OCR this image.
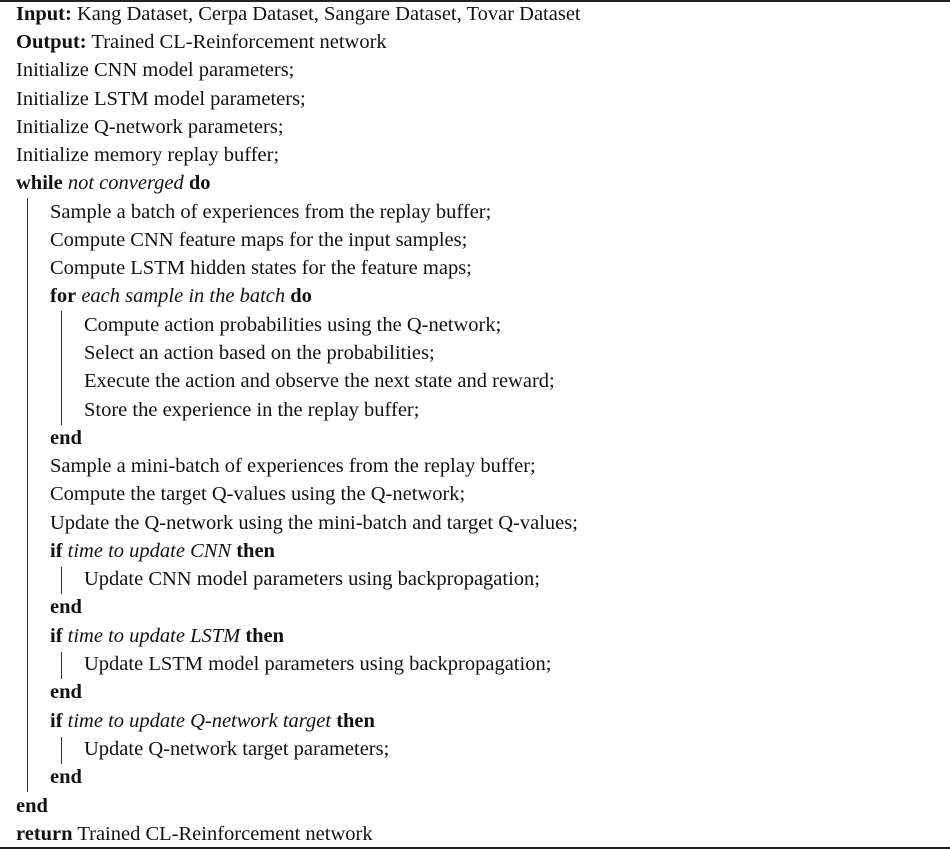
Input: Kang Dataset, Cerpa Dataset, Sangare Dataset, Tovar Dataset
Output: Trained CL-Reinforcement network
Initialize CNN model parameters;
Initialize LSTM model parameters;
Initialize Q-network parameters;
Initialize memory replay buffer;
while not converged do
Sample a batch of experiences from the replay buffer;
Compute CNN feature maps for the input samples;
Compute LSTM hidden states for the feature maps;
for each sample in the batch do
Compute action probabilities using the Q-network;
Select an action based on the probabilities;
Execute the action and observe the next state and reward;
Store the experience in the replay buffer;
end
Sample a mini-batch of experiences from the replay buffer;
Compute the target Q-values using the Q-network;
Update the Q-network using the mini-batch and target Q-values;
if time to update CNN then
Update CNN model parameters using backpropagation;
end
if time to update LSTM then
Update LSTM model parameters using backpropagation;
end
if time to update Q-network target then
Update Q-network target parameters;
end
end
return Trained CL-Reinforcement network
